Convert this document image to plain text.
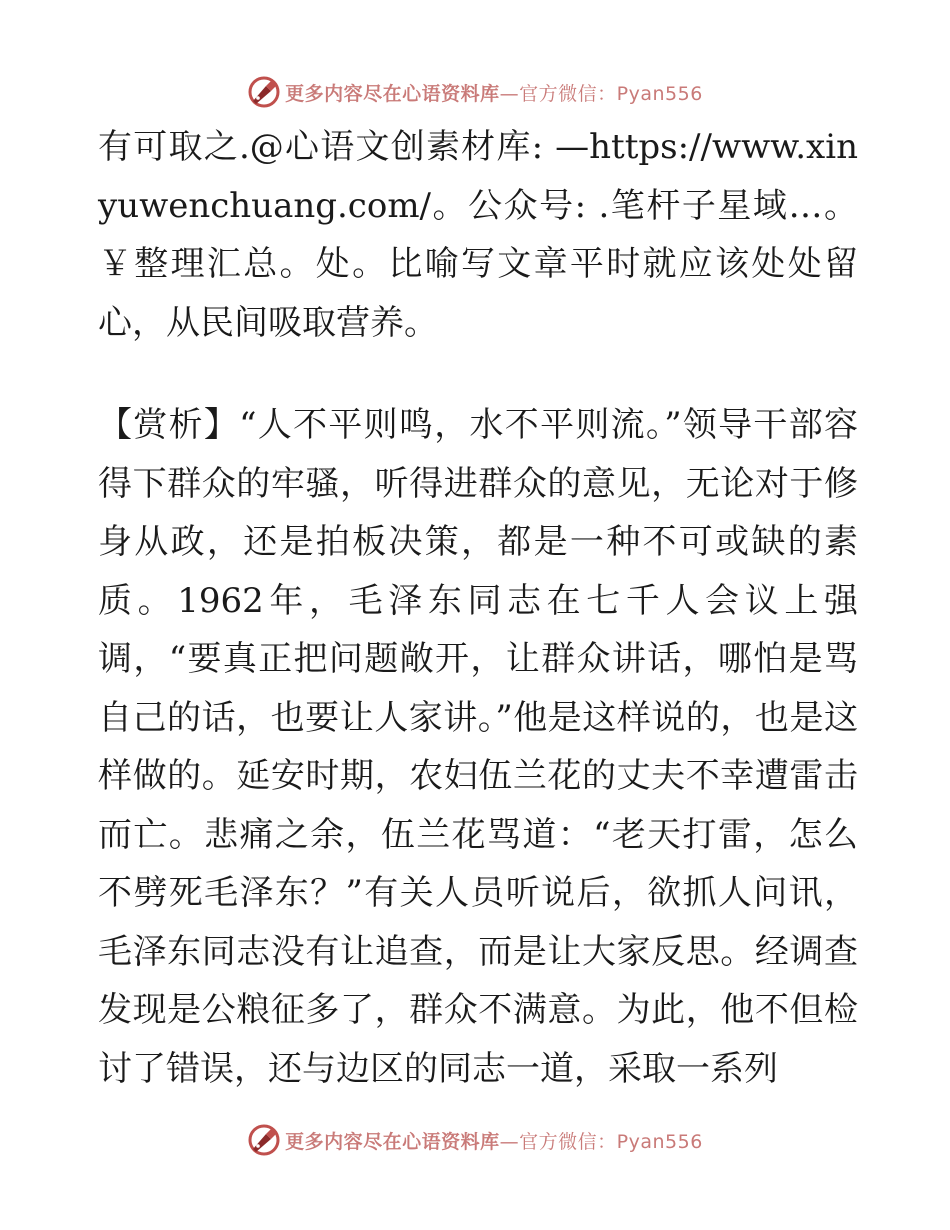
更多内容尽在心语资料库—官方微信：Pyan556

有可取之.@心语文创素材库: —https://www.xinyuwenchuang.com/。公众号: .笔杆子星域…。￥整理汇总。处。比喻写文章平时就应该处处留心，从民间吸取营养。

【赏析】“人不平则鸣，水不平则流。”领导干部容得下群众的牢骚，听得进群众的意见，无论对于修身从政，还是拍板决策，都是一种不可或缺的素质。1962年，毛泽东同志在七千人会议上强调，“要真正把问题敞开，让群众讲话，哪怕是骂自己的话，也要让人家讲。”他是这样说的，也是这样做的。延安时期，农妇伍兰花的丈夫不幸遭雷击而亡。悲痛之余，伍兰花骂道：“老天打雷，怎么不劈死毛泽东？”有关人员听说后，欲抓人问讯，毛泽东同志没有让追查，而是让大家反思。经调查发现是公粮征多了，群众不满意。为此，他不但检讨了错误，还与边区的同志一道，采取一系列

更多内容尽在心语资料库—官方微信：Pyan556
